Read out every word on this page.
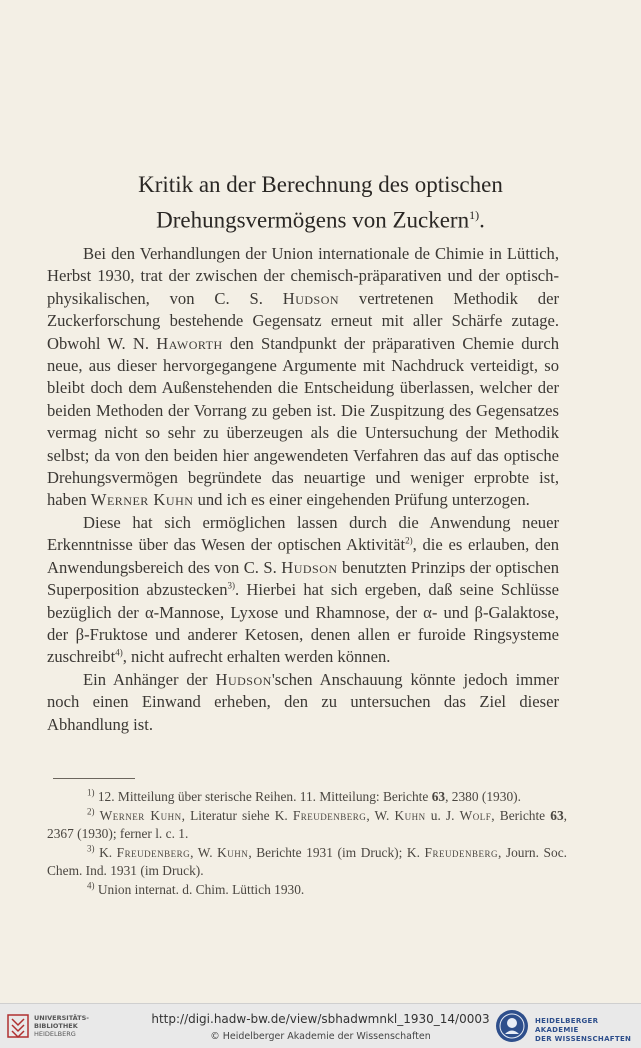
Kritik an der Berechnung des optischen
Drehungsvermögens von Zuckern$^{1)}$.

Bei den Verhandlungen der Union internationale de Chimie in Lüttich, Herbst 1930, trat der zwischen der chemisch-präparativen und der optisch-physikalischen, von C. S. Hudson vertretenen Methodik der Zuckerforschung bestehende Gegensatz erneut mit aller Schärfe zutage. Obwohl W. N. Haworth den Standpunkt der präparativen Chemie durch neue, aus dieser hervorgegangene Argumente mit Nachdruck verteidigt, so bleibt doch dem Außenstehenden die Entscheidung überlassen, welcher der beiden Methoden der Vorrang zu geben ist. Die Zuspitzung des Gegensatzes vermag nicht so sehr zu überzeugen als die Untersuchung der Methodik selbst; da von den beiden hier angewendeten Verfahren das auf das optische Drehungsvermögen begründete das neuartige und weniger erprobte ist, haben Werner Kuhn und ich es einer eingehenden Prüfung unterzogen.

Diese hat sich ermöglichen lassen durch die Anwendung neuer Erkenntnisse über das Wesen der optischen Aktivität$^{2)}$, die es erlauben, den Anwendungsbereich des von C. S. Hudson benutzten Prinzips der optischen Superposition abzustecken$^{3)}$. Hierbei hat sich ergeben, daß seine Schlüsse bezüglich der α-Mannose, Lyxose und Rhamnose, der α- und β-Galaktose, der β-Fruktose und anderer Ketosen, denen allen er furoide Ringsysteme zuschreibt$^{4)}$, nicht aufrecht erhalten werden können.

Ein Anhänger der Hudson'schen Anschauung könnte jedoch immer noch einen Einwand erheben, den zu untersuchen das Ziel dieser Abhandlung ist.

$^{1)}$ 12. Mitteilung über sterische Reihen. 11. Mitteilung: Berichte 63, 2380 (1930).

$^{2)}$ Werner Kuhn, Literatur siehe K. Freudenberg, W. Kuhn u. J. Wolf, Berichte 63, 2367 (1930); ferner l. c. 1.

$^{3)}$ K. Freudenberg, W. Kuhn, Berichte 1931 (im Druck); K. Freudenberg, Journ. Soc. Chem. Ind. 1931 (im Druck).

$^{4)}$ Union internat. d. Chim. Lüttich 1930.

UNIVERSITÄTS-
BIBLIOTHEK
HEIDELBERG
http://digi.hadw-bw.de/view/sbhadwmnkl_1930_14/0003
© Heidelberger Akademie der Wissenschaften
HEIDELBERGER AKADEMIE
DER WISSENSCHAFTEN
